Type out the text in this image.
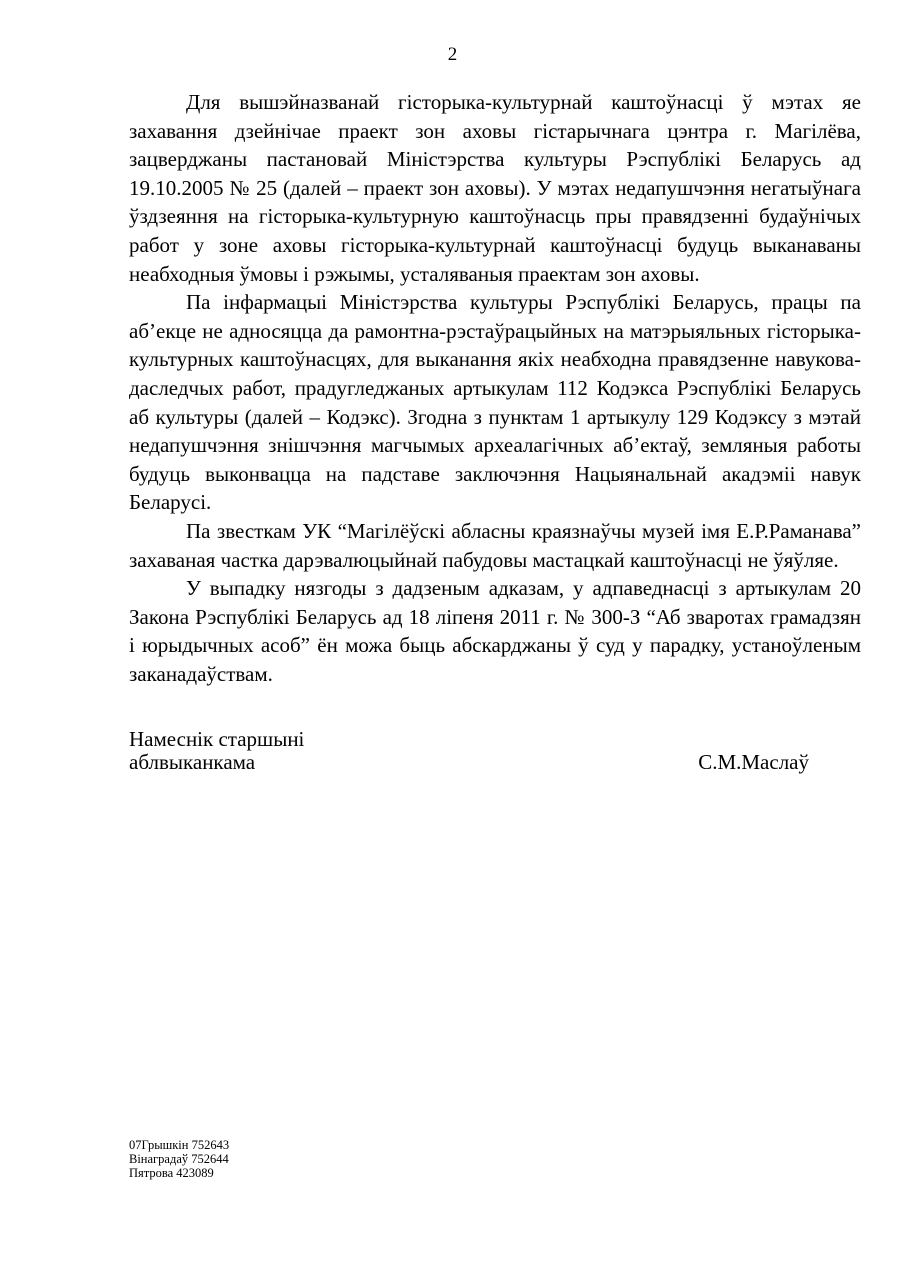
2

Для вышэйназванай гісторыка-культурнай каштоўнасці ў мэтах яе захавання дзейнічае праект зон аховы гістарычнага цэнтра г. Магілёва, зацверджаны пастановай Міністэрства культуры Рэспублікі Беларусь ад 19.10.2005 № 25 (далей – праект зон аховы). У мэтах недапушчэння негатыўнага ўздзеяння на гісторыка-культурную каштоўнасць пры правядзенні будаўнічых работ у зоне аховы гісторыка-культурнай каштоўнасці будуць выканаваны неабходныя ўмовы і рэжымы, усталяваныя праектам зон аховы.

Па інфармацыі Міністэрства культуры Рэспублікі Беларусь, працы па аб’екце не адносяцца да рамонтна-рэстаўрацыйных на матэрыяльных гісторыка-культурных каштоўнасцях, для выканання якіх неабходна правядзенне навукова-даследчых работ, прадугледжаных артыкулам 112 Кодэкса Рэспублікі Беларусь аб культуры (далей – Кодэкс). Згодна з пунктам 1 артыкулу 129 Кодэксу з мэтай недапушчэння знішчэння магчымых археалагічных аб’ектаў, земляныя работы будуць выконвацца на падставе заключэння Нацыянальнай акадэміі навук Беларусі.

Па звесткам УК “Магілёўскі абласны краязнаўчы музей імя Е.Р.Раманава” захаваная частка дарэвалюцыйнай пабудовы мастацкай каштоўнасці не ўяўляе.

У выпадку нязгоды з дадзеным адказам, у адпаведнасці з артыкулам 20 Закона Рэспублікі Беларусь ад 18 ліпеня 2011 г. № 300-З “Аб зваротах грамадзян і юрыдычных асоб” ён можа быць абскарджаны ў суд у парадку, устаноўленым заканадаўствам.

Намеснік старшыні
аблвыканкама	С.М.Маслаў
07Грышкін 752643
Вінаградаў 752644
Пятрова 423089
